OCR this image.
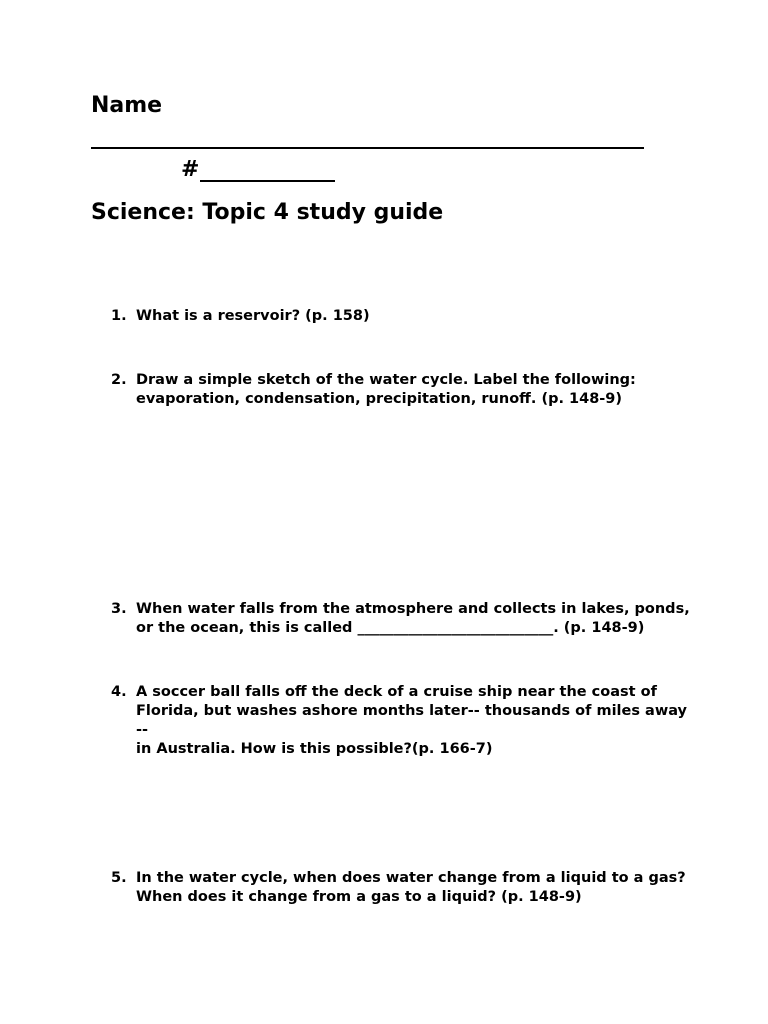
Name
#
Science: Topic 4 study guide
1. What is a reservoir? (p. 158)
2. Draw a simple sketch of the water cycle. Label the following:
evaporation, condensation, precipitation, runoff. (p. 148-9)
3. When water falls from the atmosphere and collects in lakes, ponds,
or the ocean, this is called ___________________________. (p. 148-9)
4. A soccer ball falls off the deck of a cruise ship near the coast of
Florida, but washes ashore months later-- thousands of miles away --
in Australia. How is this possible?(p. 166-7)
5. In the water cycle, when does water change from a liquid to a gas?
When does it change from a gas to a liquid? (p. 148-9)
